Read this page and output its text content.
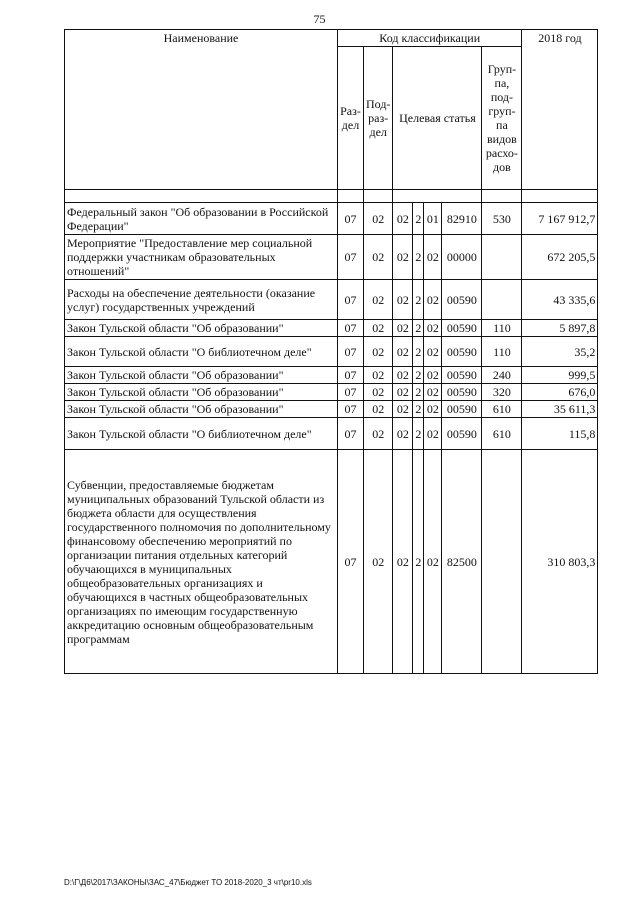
75
Наименование	Код классификации							2018 год
	Раз-дел	Под-раз-дел	Целевая статья				Груп-па, под-груп-па видов расхо-дов	

Федеральный закон "Об образовании в Российской Федерации"	07	02	02	2	01	82910	530	7 167 912,7
Мероприятие "Предоставление мер социальной поддержки участникам образовательных отношений"	07	02	02	2	02	00000		672 205,5
Расходы на обеспечение деятельности (оказание услуг) государственных учреждений	07	02	02	2	02	00590		43 335,6
Закон Тульской области "Об образовании"	07	02	02	2	02	00590	110	5 897,8
Закон Тульской области "О библиотечном деле"	07	02	02	2	02	00590	110	35,2
Закон Тульской области "Об образовании"	07	02	02	2	02	00590	240	999,5
Закон Тульской области "Об образовании"	07	02	02	2	02	00590	320	676,0
Закон Тульской области "Об образовании"	07	02	02	2	02	00590	610	35 611,3
Закон Тульской области "О библиотечном деле"	07	02	02	2	02	00590	610	115,8
Субвенции, предоставляемые бюджетам муниципальных образований Тульской области из бюджета области для осуществления государственного полномочия по дополнительному финансовому обеспечению мероприятий по организации питания отдельных категорий обучающихся в муниципальных общеобразовательных организациях и обучающихся в частных общеобразовательных организациях по имеющим государственную аккредитацию основным общеобразовательным программам	07	02	02	2	02	82500		310 803,3
D:\Г\Д6\2017\ЗАКОНЫ\ЗАС_47\Бюджет ТО 2018-2020_3 чт\pr10.xls
